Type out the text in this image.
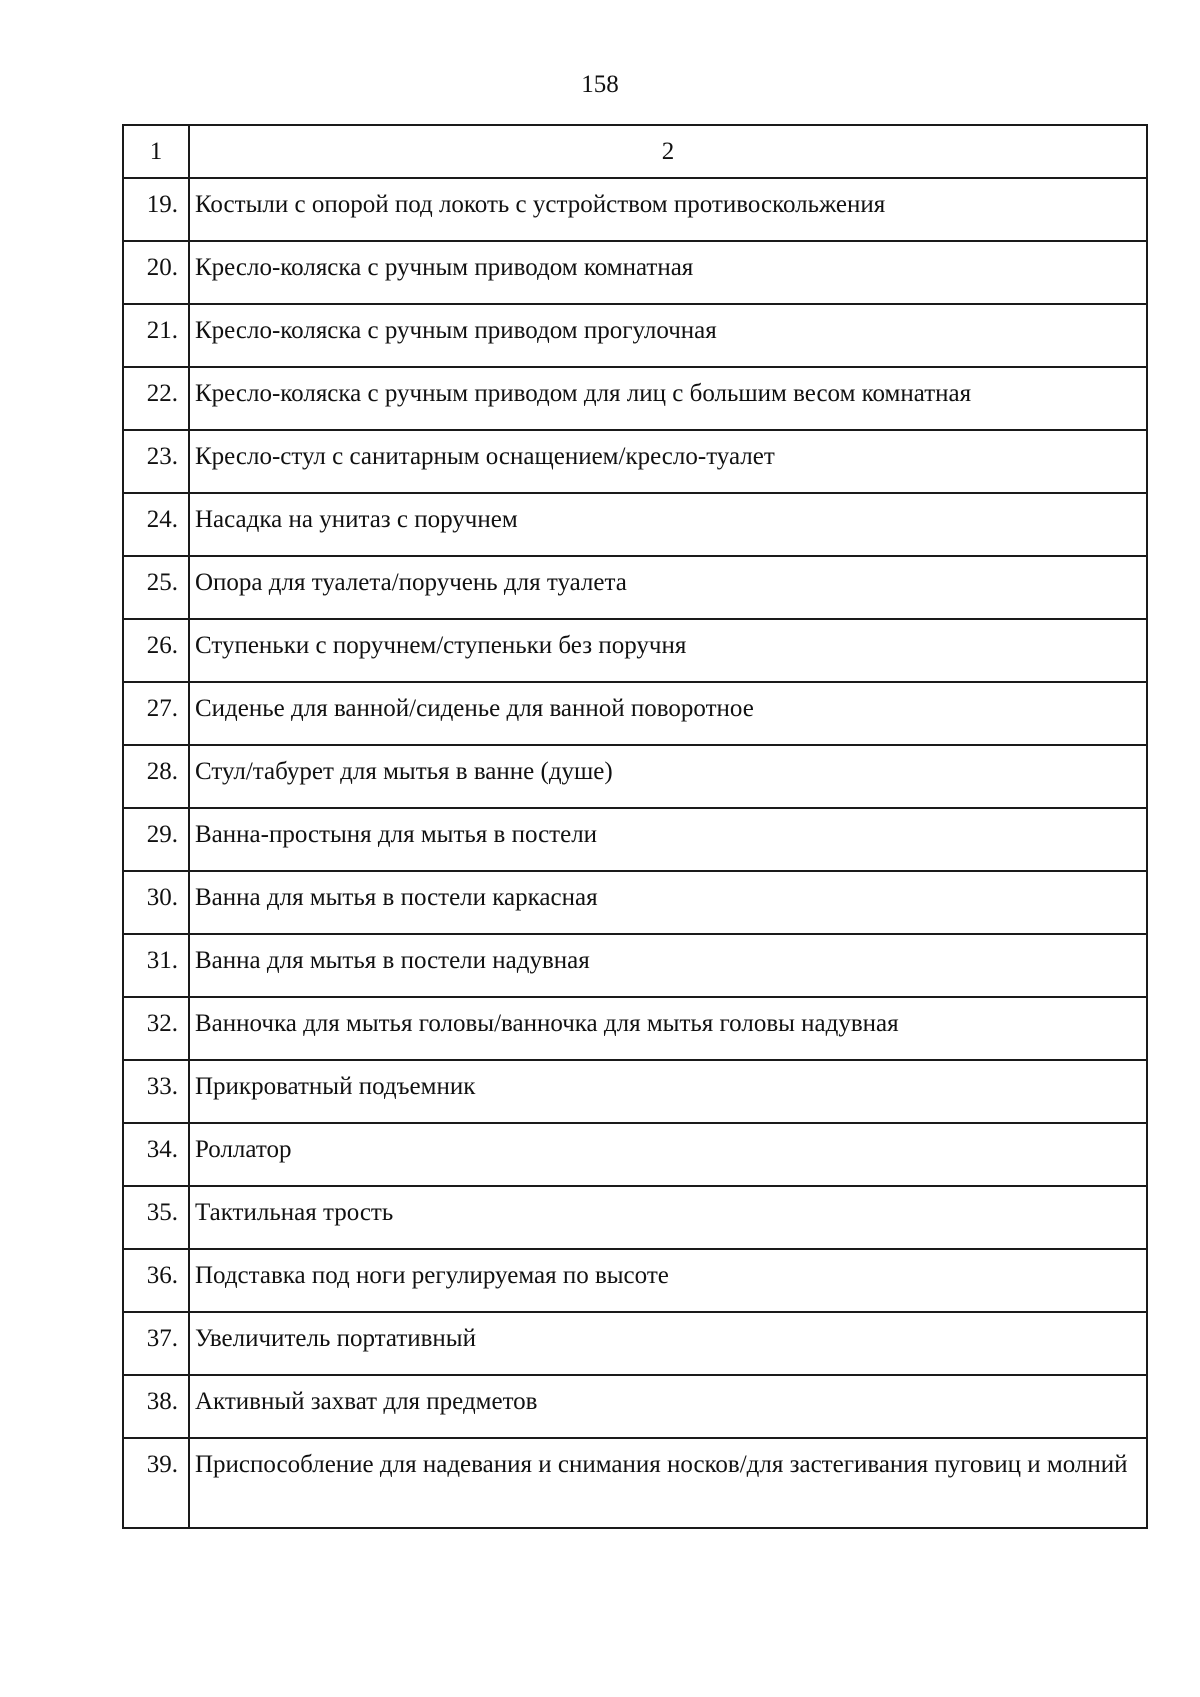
158
1	2
19.	Костыли с опорой под локоть с устройством противоскольжения
20.	Кресло-коляска с ручным приводом комнатная
21.	Кресло-коляска с ручным приводом прогулочная
22.	Кресло-коляска с ручным приводом для лиц с большим весом комнатная
23.	Кресло-стул с санитарным оснащением/кресло-туалет
24.	Насадка на унитаз с поручнем
25.	Опора для туалета/поручень для туалета
26.	Ступеньки с поручнем/ступеньки без поручня
27.	Сиденье для ванной/сиденье для ванной поворотное
28.	Стул/табурет для мытья в ванне (душе)
29.	Ванна-простыня для мытья в постели
30.	Ванна для мытья в постели каркасная
31.	Ванна для мытья в постели надувная
32.	Ванночка для мытья головы/ванночка для мытья головы надувная
33.	Прикроватный подъемник
34.	Роллатор
35.	Тактильная трость
36.	Подставка под ноги регулируемая по высоте
37.	Увеличитель портативный
38.	Активный захват для предметов
39.	Приспособление для надевания и снимания носков/для застегивания пуговиц и молний
